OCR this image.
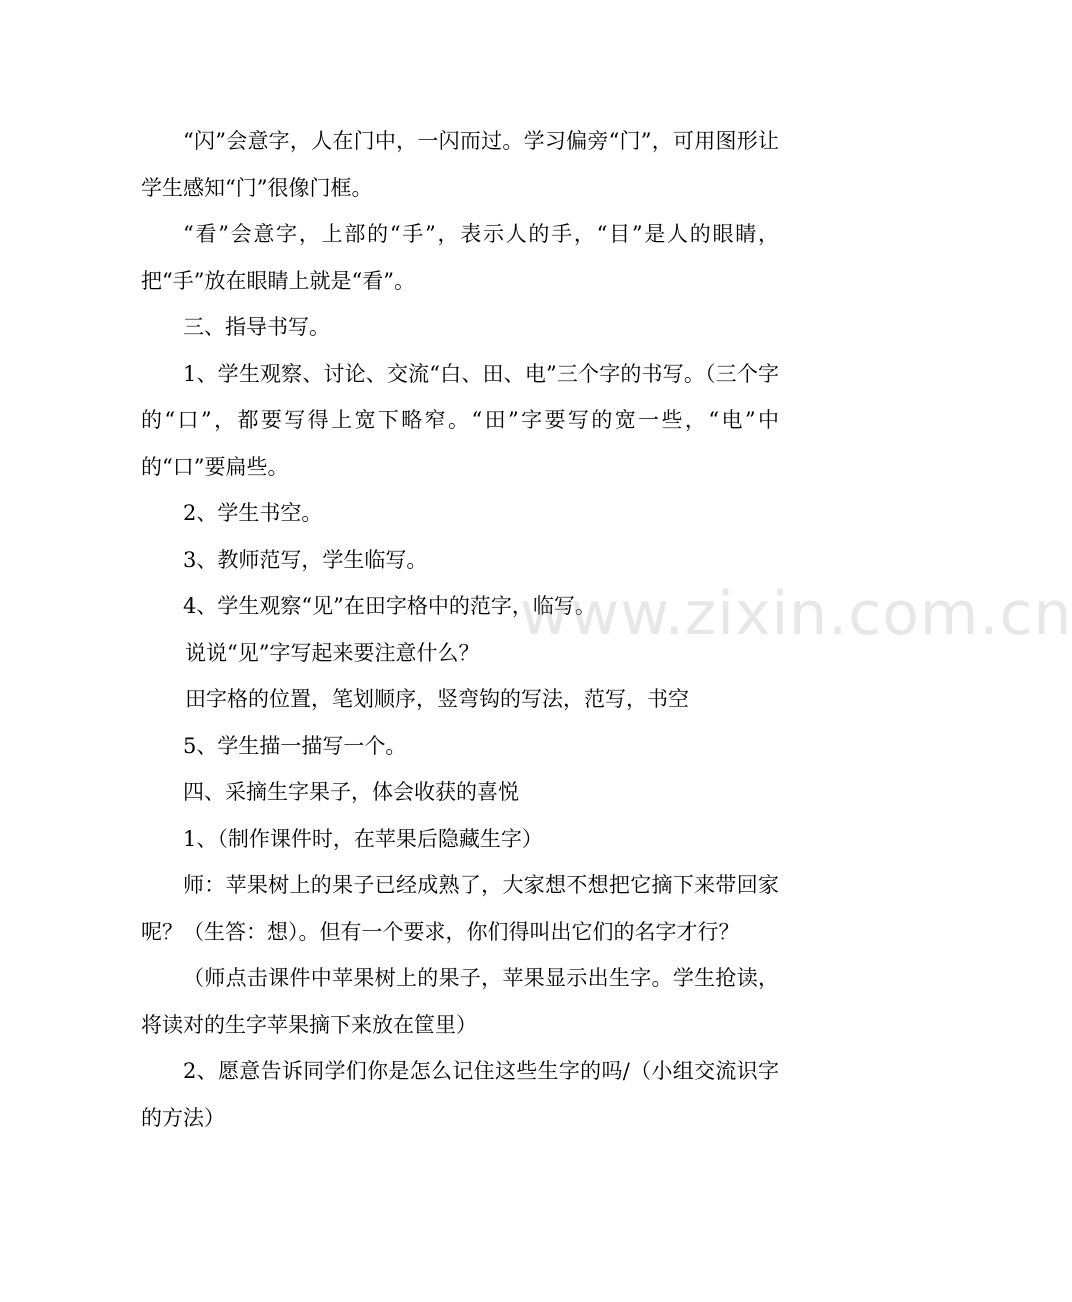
“闪”会意字，人在门中，一闪而过。学习偏旁“门”，可用图形让学生感知“门”很像门框。

“看”会意字，上部的“手”，表示人的手，“目”是人的眼睛，把“手”放在眼睛上就是“看”。

三、指导书写。

1、学生观察、讨论、交流“白、田、电”三个字的书写。（三个字的“口”，都要写得上宽下略窄。“田”字要写的宽一些，“电”中的“口”要扁些。

2、学生书空。

3、教师范写，学生临写。

4、学生观察“见”在田字格中的范字，临写。

说说“见”字写起来要注意什么？

田字格的位置，笔划顺序，竖弯钩的写法，范写，书空

5、学生描一描写一个。

四、采摘生字果子，体会收获的喜悦

1、（制作课件时，在苹果后隐藏生字）

师：苹果树上的果子已经成熟了，大家想不想把它摘下来带回家呢？（生答：想）。但有一个要求，你们得叫出它们的名字才行？

（师点击课件中苹果树上的果子，苹果显示出生字。学生抢读，将读对的生字苹果摘下来放在筐里）

2、愿意告诉同学们你是怎么记住这些生字的吗/（小组交流识字的方法）

www.zixin.com.cn
